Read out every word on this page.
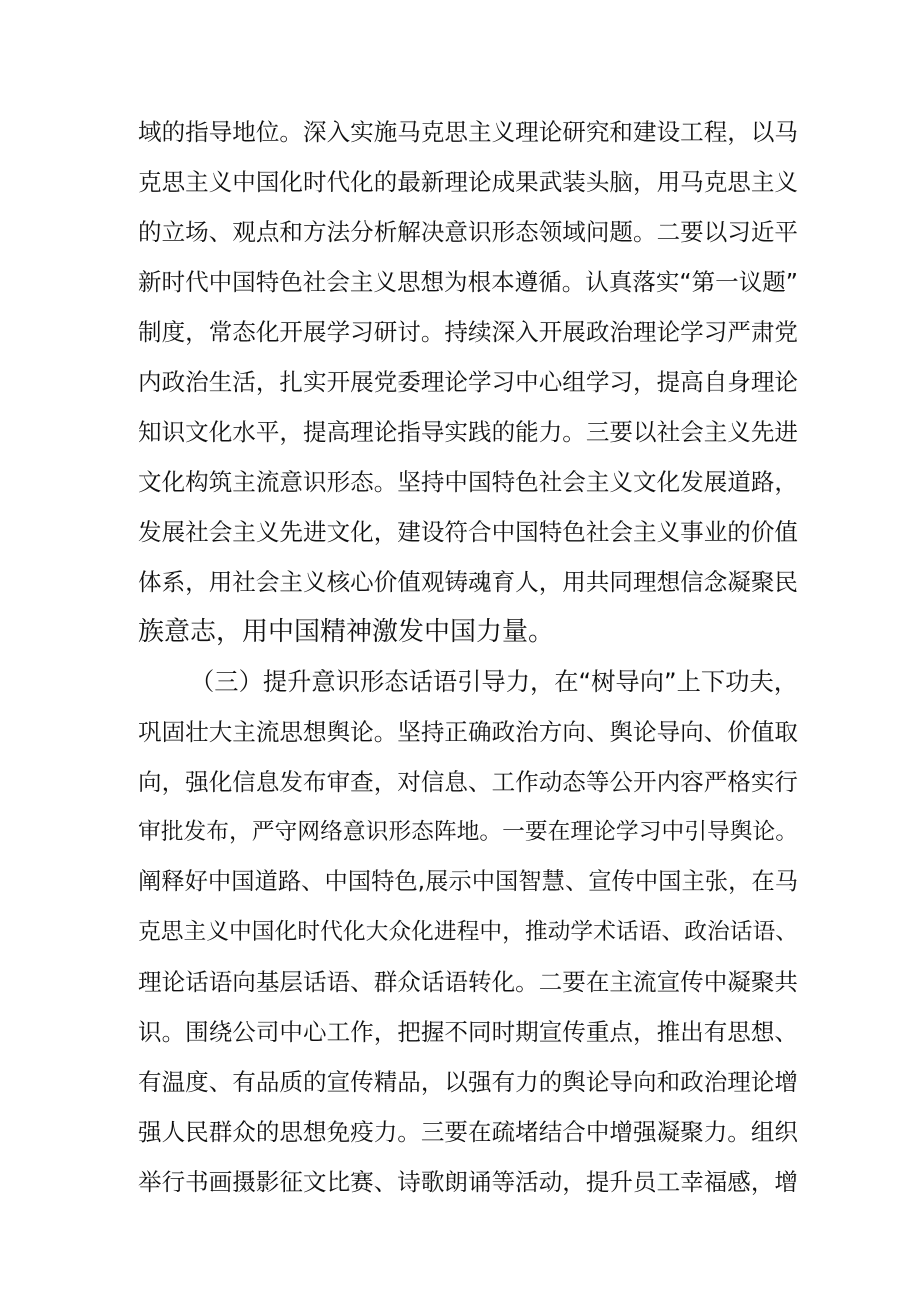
域的指导地位。深入实施马克思主义理论研究和建设工程，以马
克思主义中国化时代化的最新理论成果武装头脑，用马克思主义
的立场、观点和方法分析解决意识形态领域问题。二要以习近平
新时代中国特色社会主义思想为根本遵循。认真落实“第一议题”
制度，常态化开展学习研讨。持续深入开展政治理论学习严肃党
内政治生活，扎实开展党委理论学习中心组学习，提高自身理论
知识文化水平，提高理论指导实践的能力。三要以社会主义先进
文化构筑主流意识形态。坚持中国特色社会主义文化发展道路，
发展社会主义先进文化，建设符合中国特色社会主义事业的价值
体系，用社会主义核心价值观铸魂育人，用共同理想信念凝聚民
族意志，用中国精神激发中国力量。
（三）提升意识形态话语引导力，在“树导向”上下功夫，
巩固壮大主流思想舆论。坚持正确政治方向、舆论导向、价值取
向，强化信息发布审查，对信息、工作动态等公开内容严格实行
审批发布，严守网络意识形态阵地。一要在理论学习中引导舆论。
阐释好中国道路、中国特色,展示中国智慧、宣传中国主张，在马
克思主义中国化时代化大众化进程中，推动学术话语、政治话语、
理论话语向基层话语、群众话语转化。二要在主流宣传中凝聚共
识。围绕公司中心工作，把握不同时期宣传重点，推出有思想、
有温度、有品质的宣传精品，以强有力的舆论导向和政治理论增
强人民群众的思想免疫力。三要在疏堵结合中增强凝聚力。组织
举行书画摄影征文比赛、诗歌朗诵等活动，提升员工幸福感，增
